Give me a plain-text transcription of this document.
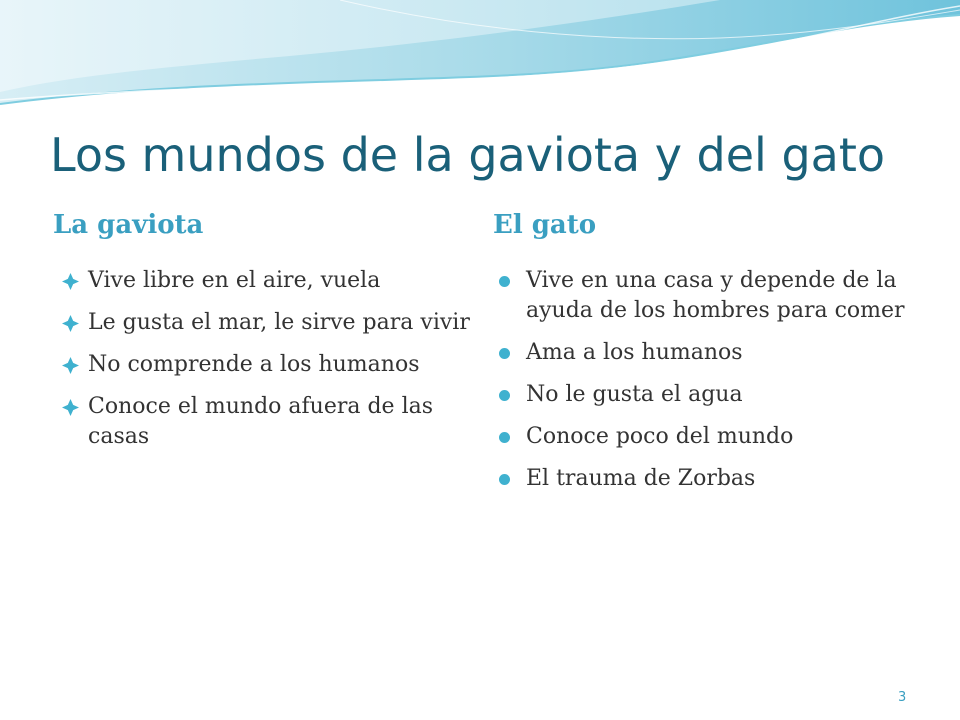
Los mundos de la gaviota y del gato
La gaviota	El gato
Vive libre en el aire, vuela
Le gusta el mar, le sirve para vivir
No comprende a los humanos
Conoce el mundo afuera de las casas
Vive en una casa y depende de la ayuda de los hombres para comer
Ama a los humanos
No le gusta el agua
Conoce poco del mundo
El trauma de Zorbas
3
